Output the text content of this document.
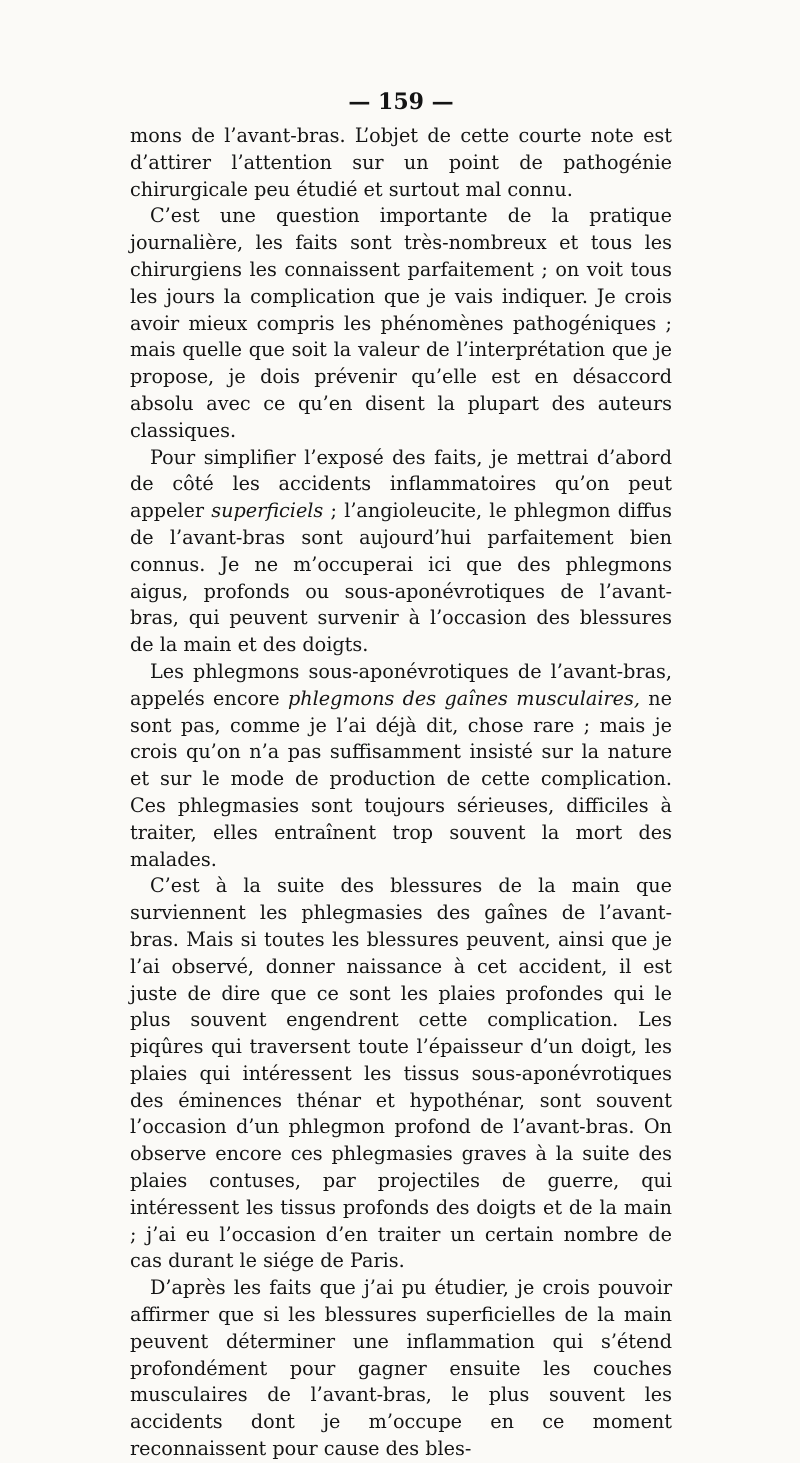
— 159 —

mons de l’avant-bras. L’objet de cette courte note est d’attirer l’attention sur un point de pathogénie chirurgicale peu étudié et surtout mal connu.

C’est une question importante de la pratique journalière, les faits sont très-nombreux et tous les chirurgiens les connaissent parfaitement ; on voit tous les jours la complication que je vais indiquer. Je crois avoir mieux compris les phénomènes pathogéniques ; mais quelle que soit la valeur de l’interprétation que je propose, je dois prévenir qu’elle est en désaccord absolu avec ce qu’en disent la plupart des auteurs classiques.

Pour simplifier l’exposé des faits, je mettrai d’abord de côté les accidents inflammatoires qu’on peut appeler superficiels ; l’angioleucite, le phlegmon diffus de l’avant-bras sont aujourd’hui parfaitement bien connus. Je ne m’occuperai ici que des phlegmons aigus, profonds ou sous-aponévrotiques de l’avant-bras, qui peuvent survenir à l’occasion des blessures de la main et des doigts.

Les phlegmons sous-aponévrotiques de l’avant-bras, appelés encore phlegmons des gaînes musculaires, ne sont pas, comme je l’ai déjà dit, chose rare ; mais je crois qu’on n’a pas suffisamment insisté sur la nature et sur le mode de production de cette complication. Ces phlegmasies sont toujours sérieuses, difficiles à traiter, elles entraînent trop souvent la mort des malades.

C’est à la suite des blessures de la main que surviennent les phlegmasies des gaînes de l’avant-bras. Mais si toutes les blessures peuvent, ainsi que je l’ai observé, donner naissance à cet accident, il est juste de dire que ce sont les plaies profondes qui le plus souvent engendrent cette complication. Les piqûres qui traversent toute l’épaisseur d’un doigt, les plaies qui intéressent les tissus sous-aponévrotiques des éminences thénar et hypothénar, sont souvent l’occasion d’un phlegmon profond de l’avant-bras. On observe encore ces phlegmasies graves à la suite des plaies contuses, par projectiles de guerre, qui intéressent les tissus profonds des doigts et de la main ; j’ai eu l’occasion d’en traiter un certain nombre de cas durant le siége de Paris.

D’après les faits que j’ai pu étudier, je crois pouvoir affirmer que si les blessures superficielles de la main peuvent déterminer une inflammation qui s’étend profondément pour gagner ensuite les couches musculaires de l’avant-bras, le plus souvent les accidents dont je m’occupe en ce moment reconnaissent pour cause des bles-
